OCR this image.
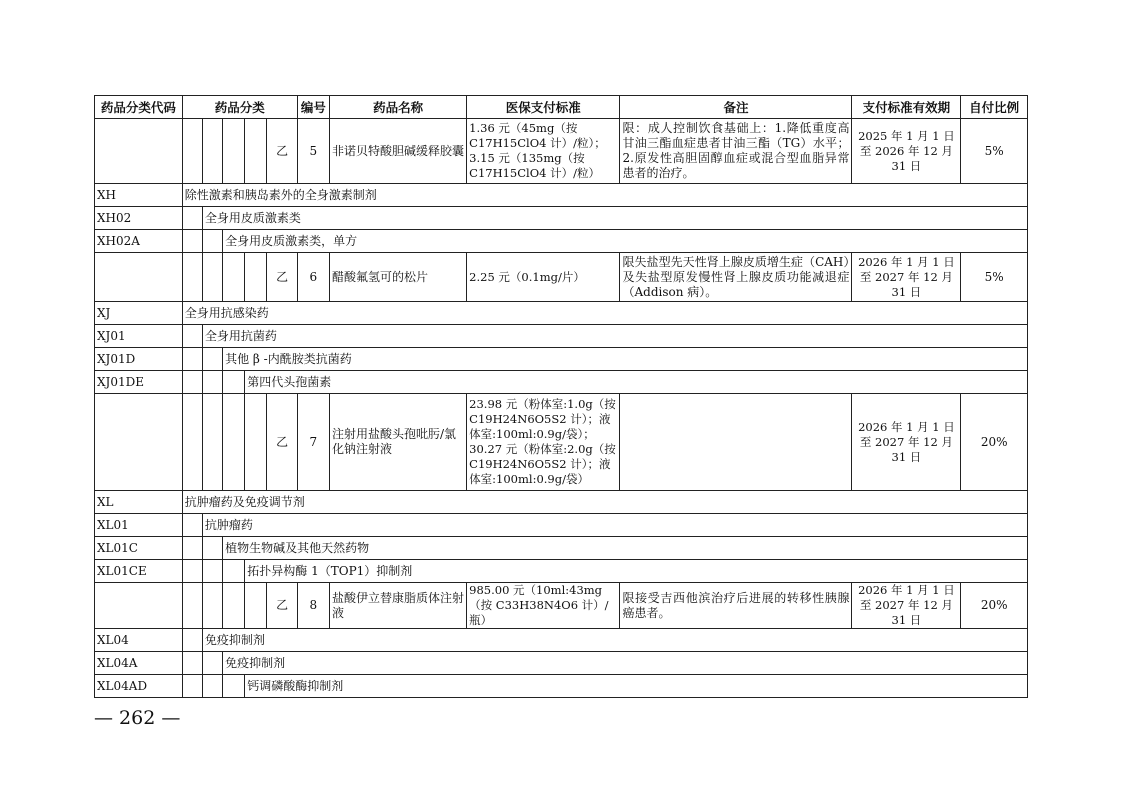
药品分类代码	药品分类					编号	药品名称	医保支付标准	备注	支付标准有效期	自付比例
					乙	5	非诺贝特酸胆碱缓释胶囊	1.36 元（45mg（按 C17H15ClO4 计）/粒）；3.15 元（135mg（按 C17H15ClO4 计）/粒）	限：成人控制饮食基础上：1.降低重度高甘油三酯血症患者甘油三酯（TG）水平；2.原发性高胆固醇血症或混合型血脂异常患者的治疗。	2025 年 1 月 1 日至 2026 年 12 月 31 日	5%
XH	除性激素和胰岛素外的全身激素制剂										
XH02		全身用皮质激素类									
XH02A			全身用皮质激素类，单方								
					乙	6	醋酸氟氢可的松片	2.25 元（0.1mg/片）	限失盐型先天性肾上腺皮质增生症（CAH）及失盐型原发慢性肾上腺皮质功能减退症（Addison 病）。	2026 年 1 月 1 日至 2027 年 12 月 31 日	5%
XJ	全身用抗感染药										
XJ01		全身用抗菌药									
XJ01D			其他 β -内酰胺类抗菌药								
XJ01DE				第四代头孢菌素							
					乙	7	注射用盐酸头孢吡肟/氯化钠注射液	23.98 元（粉体室:1.0g（按 C19H24N6O5S2 计）；液体室:100ml:0.9g/袋）；30.27 元（粉体室:2.0g（按 C19H24N6O5S2 计）；液体室:100ml:0.9g/袋）		2026 年 1 月 1 日至 2027 年 12 月 31 日	20%
XL	抗肿瘤药及免疫调节剂										
XL01		抗肿瘤药									
XL01C			植物生物碱及其他天然药物								
XL01CE				拓扑异构酶 1（TOP1）抑制剂							
					乙	8	盐酸伊立替康脂质体注射液	985.00 元（10ml:43mg（按 C33H38N4O6 计）/瓶）	限接受吉西他滨治疗后进展的转移性胰腺癌患者。	2026 年 1 月 1 日至 2027 年 12 月 31 日	20%
XL04		免疫抑制剂									
XL04A			免疫抑制剂								
XL04AD				钙调磷酸酶抑制剂							
— 262 —
